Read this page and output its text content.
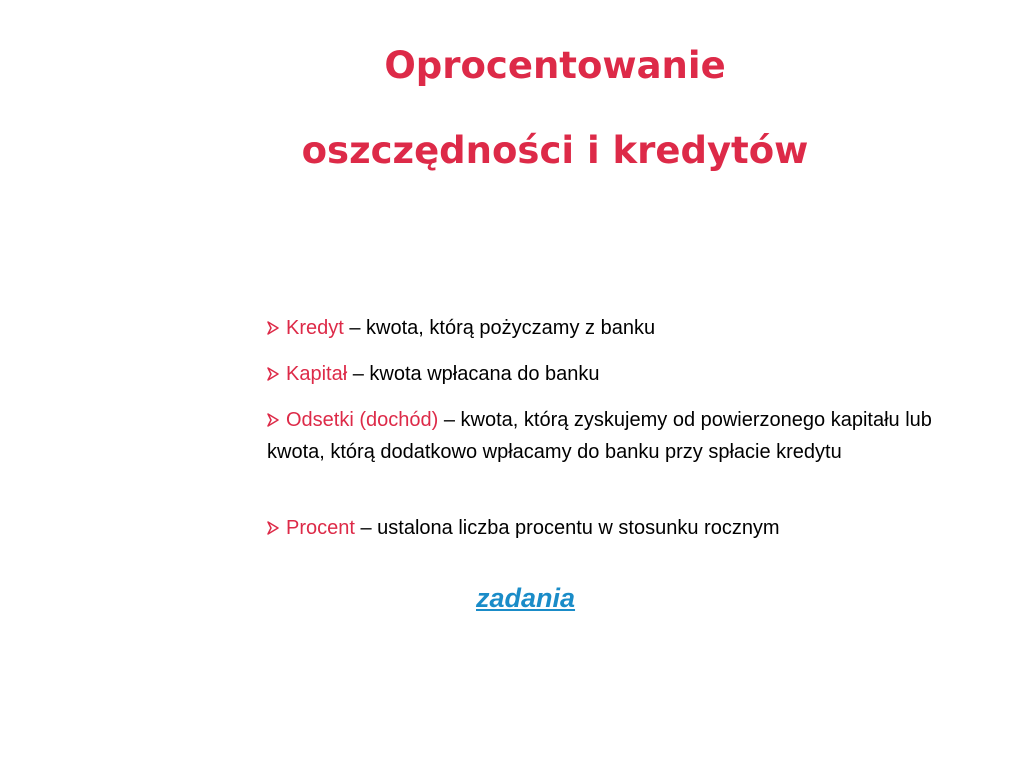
Oprocentowanie
oszczędności i kredytów
Kredyt – kwota, którą pożyczamy z banku
Kapitał – kwota wpłacana do banku
Odsetki (dochód) – kwota, którą zyskujemy od powierzonego kapitału lub kwota, którą dodatkowo wpłacamy do banku przy spłacie kredytu
Procent – ustalona liczba procentu w stosunku rocznym
zadania
